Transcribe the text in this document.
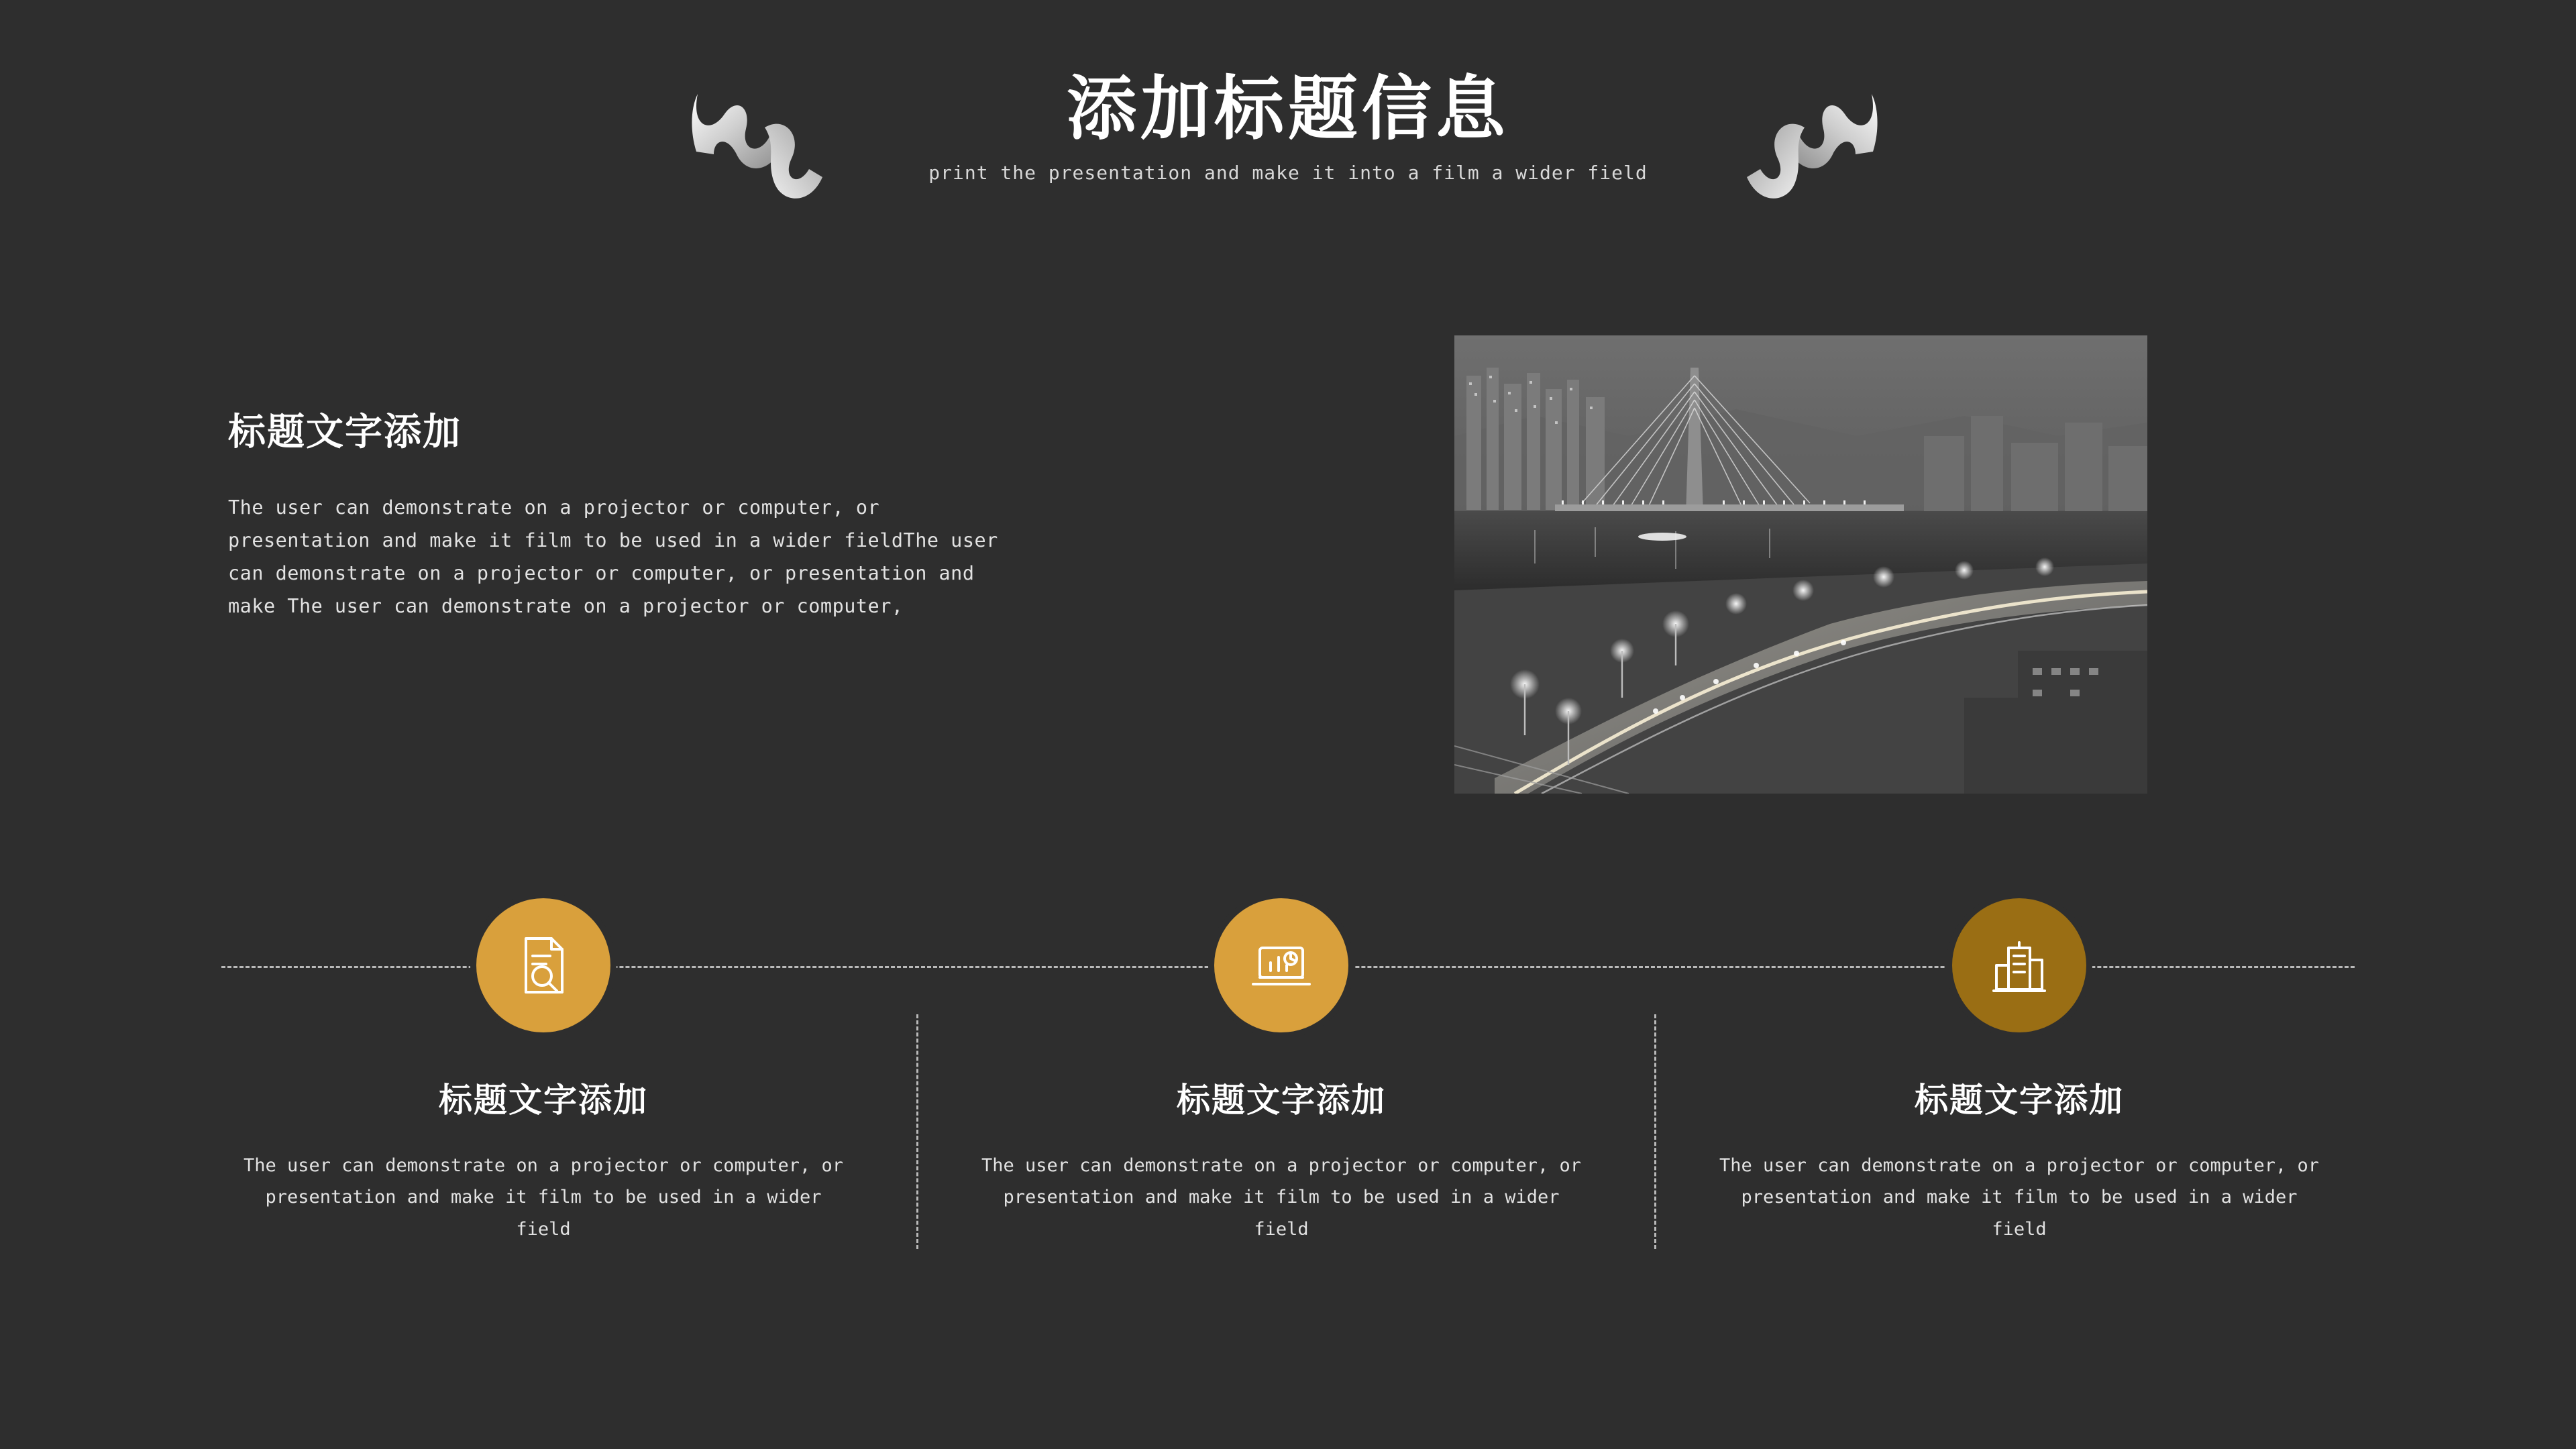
添加标题信息
print the presentation and make it into a film a wider field
标题文字添加
The user can demonstrate on a projector or computer, or presentation and make it film to be used in a wider fieldThe user can demonstrate on a projector or computer, or presentation and make The user can demonstrate on a projector or computer,
标题文字添加
The user can demonstrate on a projector or computer, or presentation and make it film to be used in a wider field
标题文字添加
The user can demonstrate on a projector or computer, or presentation and make it film to be used in a wider field
标题文字添加
The user can demonstrate on a projector or computer, or presentation and make it film to be used in a wider field
